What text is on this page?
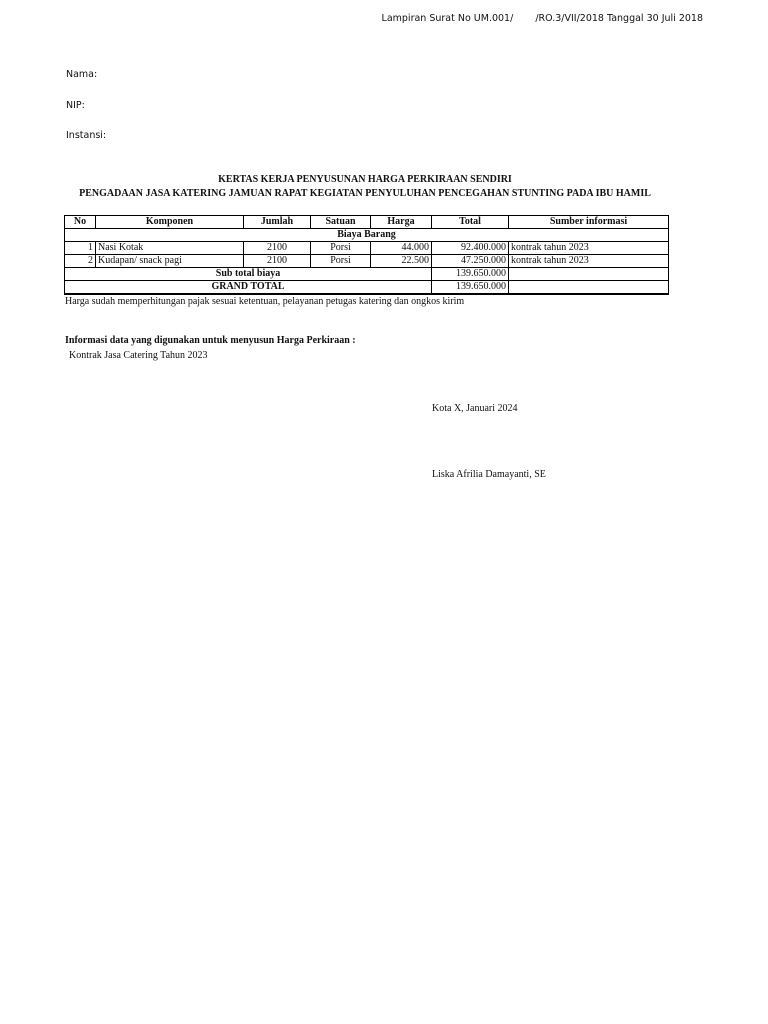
Lampiran Surat No UM.001/ /RO.3/VII/2018 Tanggal 30 Juli 2018
Nama:
NIP:
Instansi:
KERTAS KERJA PENYUSUNAN HARGA PERKIRAAN SENDIRI
PENGADAAN JASA KATERING JAMUAN RAPAT KEGIATAN PENYULUHAN PENCEGAHAN STUNTING PADA IBU HAMIL
No	Komponen	Jumlah	Satuan	Harga	Total	Sumber informasi
Biaya Barang						
1	Nasi Kotak	2100	Porsi	44.000	92.400.000	kontrak tahun 2023
2	Kudapan/ snack pagi	2100	Porsi	22.500	47.250.000	kontrak tahun 2023
Sub total biaya					139.650.000	
GRAND TOTAL					139.650.000	
Harga sudah memperhitungan pajak sesuai ketentuan, pelayanan petugas katering dan ongkos kirim
Informasi data yang digunakan untuk menyusun Harga Perkiraan :
Kontrak Jasa Catering Tahun 2023
Kota X, Januari 2024
Liska Afrilia Damayanti, SE
